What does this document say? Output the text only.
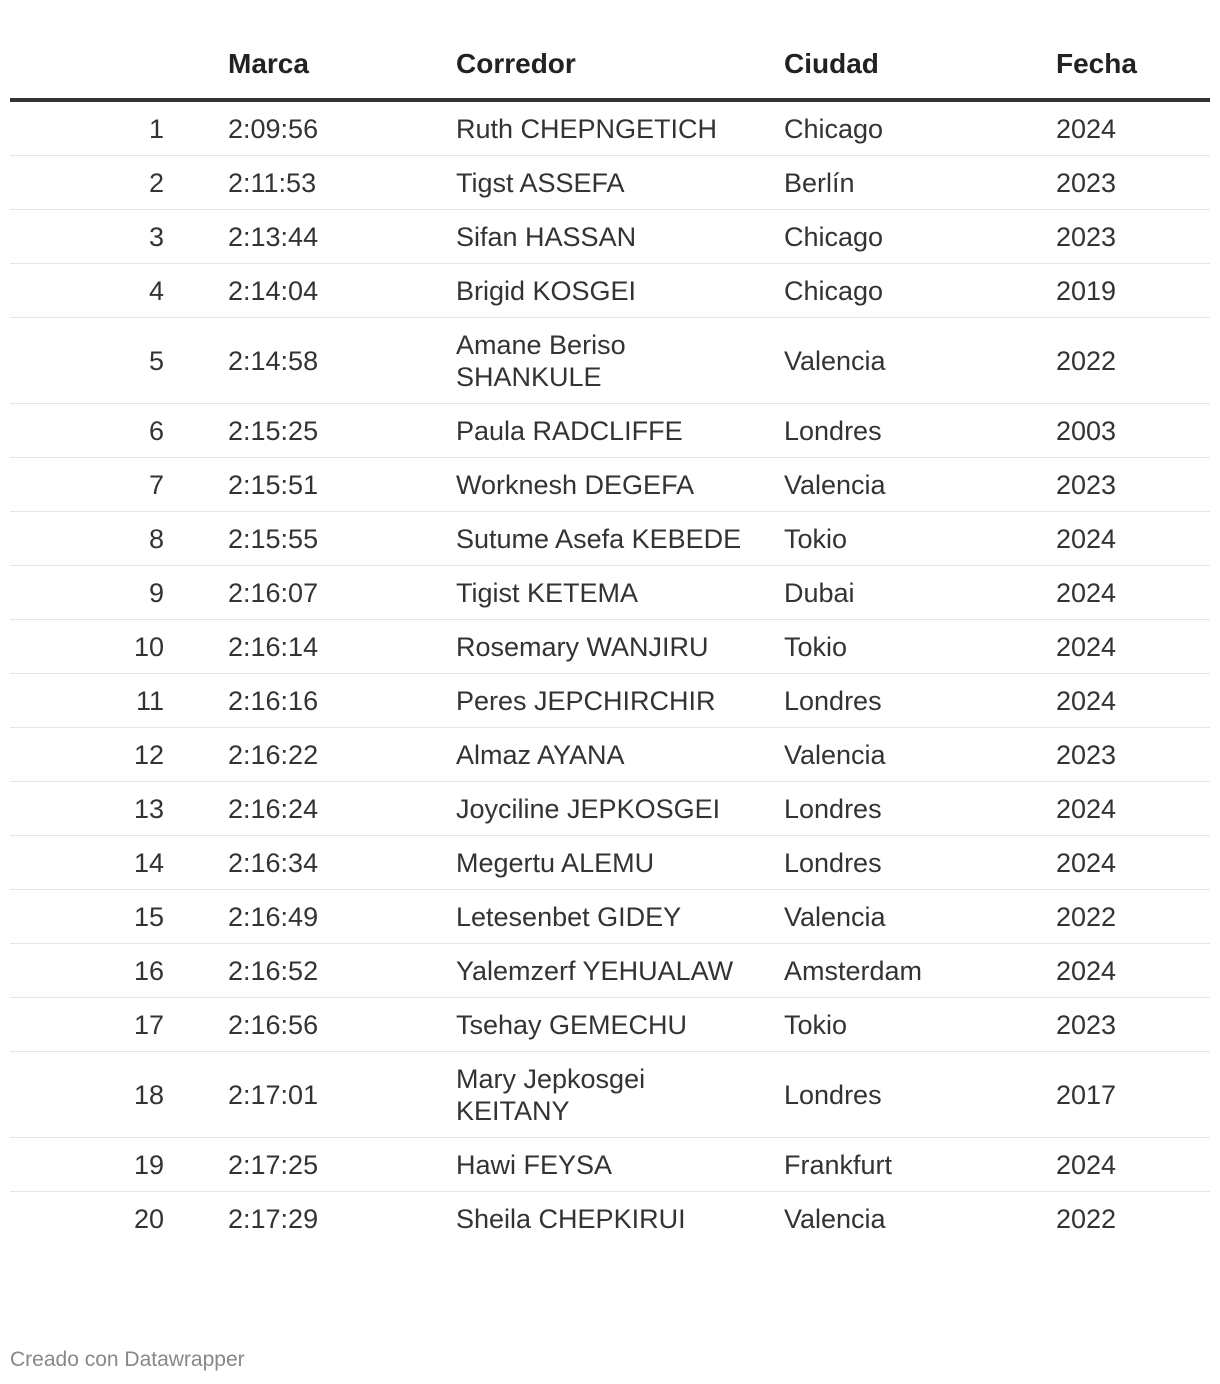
	Marca	Corredor	Ciudad	Fecha
1	2:09:56	Ruth CHEPNGETICH	Chicago	2024
2	2:11:53	Tigst ASSEFA	Berlín	2023
3	2:13:44	Sifan HASSAN	Chicago	2023
4	2:14:04	Brigid KOSGEI	Chicago	2019
5	2:14:58	Amane Beriso SHANKULE	Valencia	2022
6	2:15:25	Paula RADCLIFFE	Londres	2003
7	2:15:51	Worknesh DEGEFA	Valencia	2023
8	2:15:55	Sutume Asefa KEBEDE	Tokio	2024
9	2:16:07	Tigist KETEMA	Dubai	2024
10	2:16:14	Rosemary WANJIRU	Tokio	2024
11	2:16:16	Peres JEPCHIRCHIR	Londres	2024
12	2:16:22	Almaz AYANA	Valencia	2023
13	2:16:24	Joyciline JEPKOSGEI	Londres	2024
14	2:16:34	Megertu ALEMU	Londres	2024
15	2:16:49	Letesenbet GIDEY	Valencia	2022
16	2:16:52	Yalemzerf YEHUALAW	Amsterdam	2024
17	2:16:56	Tsehay GEMECHU	Tokio	2023
18	2:17:01	Mary Jepkosgei KEITANY	Londres	2017
19	2:17:25	Hawi FEYSA	Frankfurt	2024
20	2:17:29	Sheila CHEPKIRUI	Valencia	2022
Creado con Datawrapper
